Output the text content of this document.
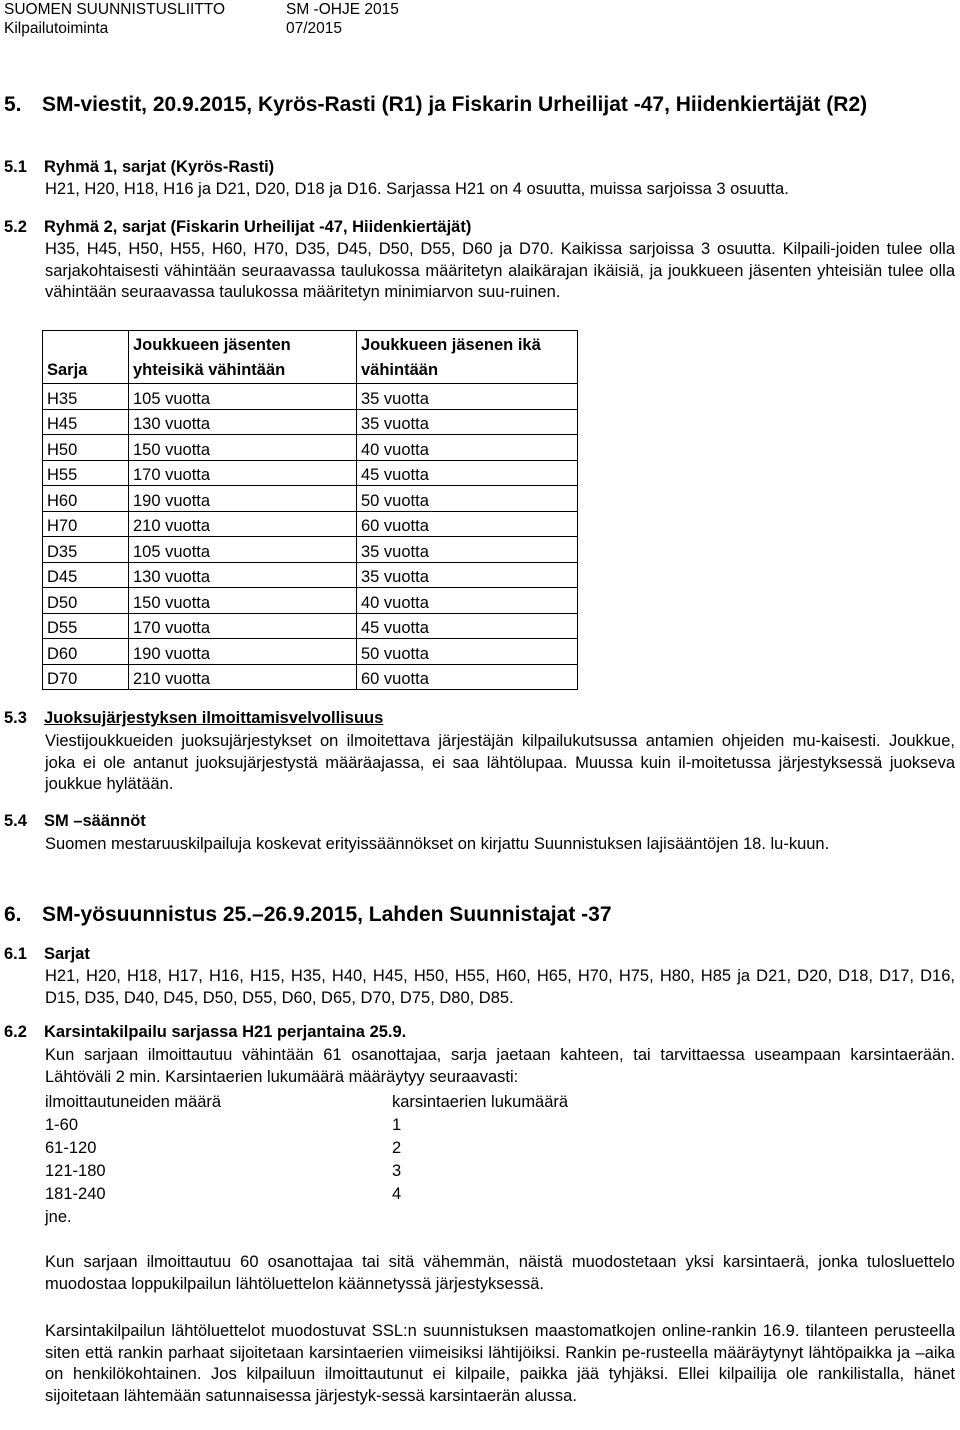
SUOMEN SUUNNISTUSLIITTO	SM -OHJE 2015
Kilpailutoiminta	07/2015
5. SM-viestit, 20.9.2015, Kyrös-Rasti (R1) ja Fiskarin Urheilijat -47, Hiidenkiertäjät (R2)
5.1 Ryhmä 1, sarjat (Kyrös-Rasti)
H21, H20, H18, H16 ja D21, D20, D18 ja D16. Sarjassa H21 on 4 osuutta, muissa sarjoissa 3 osuutta.
5.2 Ryhmä 2, sarjat (Fiskarin Urheilijat -47, Hiidenkiertäjät)
H35, H45, H50, H55, H60, H70, D35, D45, D50, D55, D60 ja D70. Kaikissa sarjoissa 3 osuutta. Kilpaili-joiden tulee olla sarjakohtaisesti vähintään seuraavassa taulukossa määritetyn alaikärajan ikäisiä, ja joukkueen jäsenten yhteisiän tulee olla vähintään seuraavassa taulukossa määritetyn minimiarvon suu-ruinen.
Sarja	Joukkueen jäsenten yhteisikä vähintään	Joukkueen jäsenen ikä vähintään
H35	105 vuotta	35 vuotta
H45	130 vuotta	35 vuotta
H50	150 vuotta	40 vuotta
H55	170 vuotta	45 vuotta
H60	190 vuotta	50 vuotta
H70	210 vuotta	60 vuotta
D35	105 vuotta	35 vuotta
D45	130 vuotta	35 vuotta
D50	150 vuotta	40 vuotta
D55	170 vuotta	45 vuotta
D60	190 vuotta	50 vuotta
D70	210 vuotta	60 vuotta
5.3 Juoksujärjestyksen ilmoittamisvelvollisuus
Viestijoukkueiden juoksujärjestykset on ilmoitettava järjestäjän kilpailukutsussa antamien ohjeiden mu-kaisesti. Joukkue, joka ei ole antanut juoksujärjestystä määräajassa, ei saa lähtölupaa. Muussa kuin il-moitetussa järjestyksessä juokseva joukkue hylätään.
5.4 SM –säännöt
Suomen mestaruuskilpailuja koskevat erityissäännökset on kirjattu Suunnistuksen lajisääntöjen 18. lu-kuun.
6. SM-yösuunnistus 25.–26.9.2015, Lahden Suunnistajat -37
6.1 Sarjat
H21, H20, H18, H17, H16, H15, H35, H40, H45, H50, H55, H60, H65, H70, H75, H80, H85 ja D21, D20, D18, D17, D16, D15, D35, D40, D45, D50, D55, D60, D65, D70, D75, D80, D85.
6.2 Karsintakilpailu sarjassa H21 perjantaina 25.9.
Kun sarjaan ilmoittautuu vähintään 61 osanottajaa, sarja jaetaan kahteen, tai tarvittaessa useampaan karsintaerään. Lähtöväli 2 min. Karsintaerien lukumäärä määräytyy seuraavasti:
ilmoittautuneiden määrä	karsintaerien lukumäärä
1-60	1
61-120	2
121-180	3
181-240	4
jne.
Kun sarjaan ilmoittautuu 60 osanottajaa tai sitä vähemmän, näistä muodostetaan yksi karsintaerä, jonka tulosluettelo muodostaa loppukilpailun lähtöluettelon käännetyssä järjestyksessä.
Karsintakilpailun lähtöluettelot muodostuvat SSL:n suunnistuksen maastomatkojen online-rankin 16.9. tilanteen perusteella siten että rankin parhaat sijoitetaan karsintaerien viimeisiksi lähtijöiksi. Rankin pe-rusteella määräytynyt lähtöpaikka ja –aika on henkilökohtainen. Jos kilpailuun ilmoittautunut ei kilpaile, paikka jää tyhjäksi. Ellei kilpailija ole rankilistalla, hänet sijoitetaan lähtemään satunnaisessa järjestyk-sessä karsintaerän alussa.
